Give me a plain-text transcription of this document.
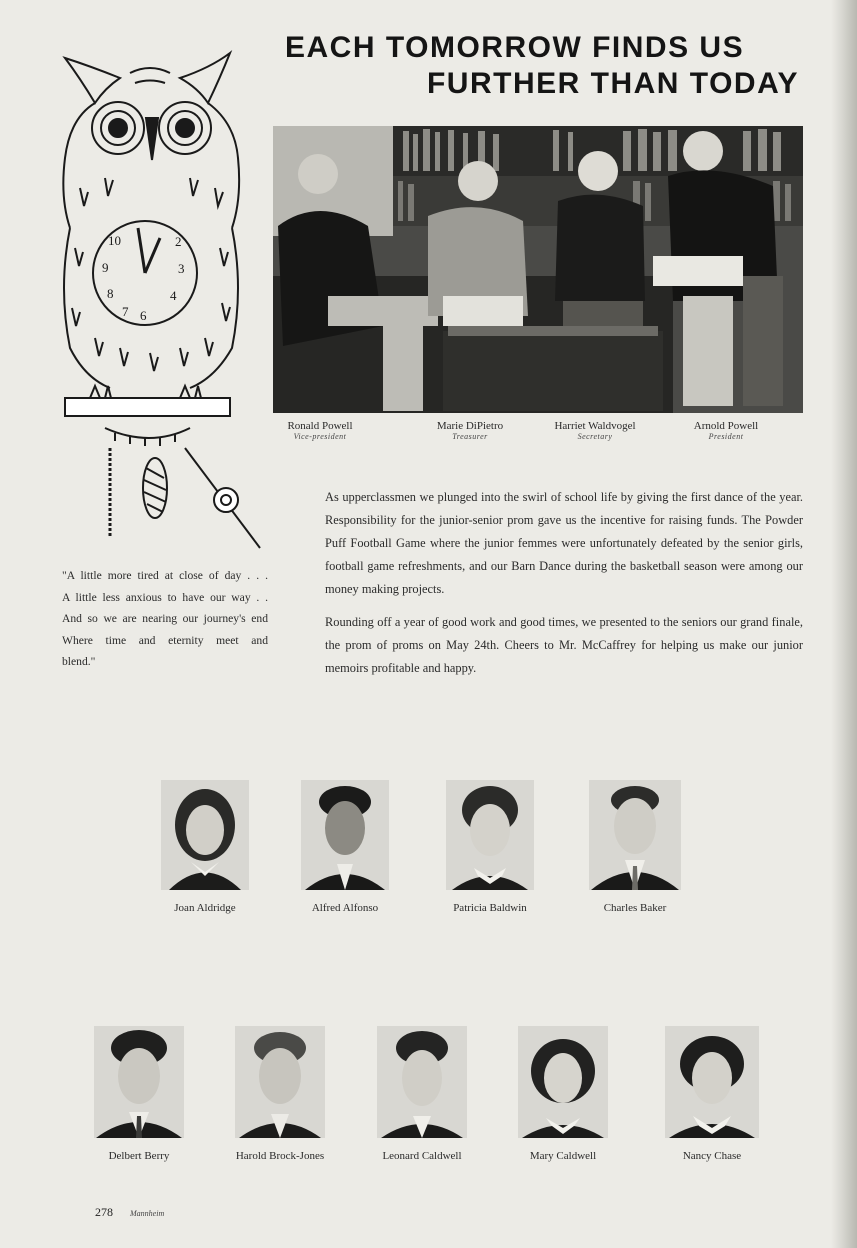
10	2
3
4
6
7
8
9
EACH TOMORROW FINDS US
FURTHER THAN TODAY
Ronald Powell
Vice-president
Marie DiPietro
Treasurer
Harriet Waldvogel
Secretary
Arnold Powell
President

As upperclassmen we plunged into the swirl of school life by giving the first dance of the year. Responsibility for the junior-senior prom gave us the incentive for raising funds. The Powder Puff Football Game where the junior femmes were unfortunately defeated by the senior girls, football game refreshments, and our Barn Dance during the basketball season were among our money making projects.

Rounding off a year of good work and good times, we presented to the seniors our grand finale, the prom of proms on May 24th. Cheers to Mr. McCaffrey for helping us make our junior memoirs profitable and happy.

"A little more tired at close of day . . .
A little less anxious to have our way . .
And so we are nearing our journey's end
Where time and eternity meet and
blend."
Joan Aldridge	Alfred Alfonso	Patricia Baldwin	Charles Baker
Delbert Berry	Harold Brock-Jones	Leonard Caldwell	Mary Caldwell	Nancy Chase
278 Mannheim
